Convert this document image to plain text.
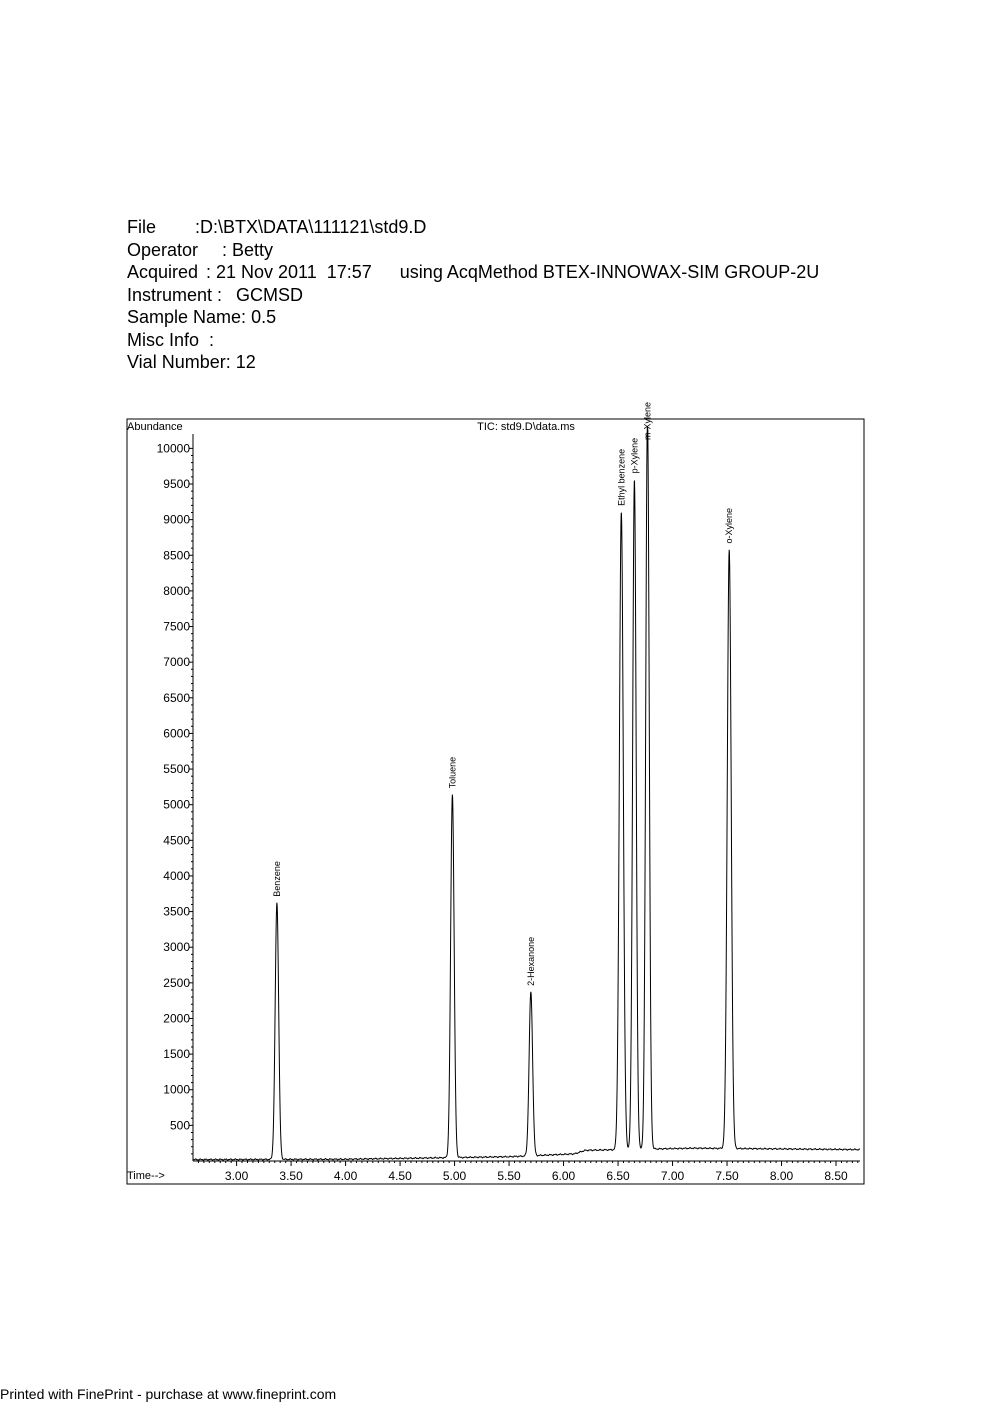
File :D:\BTX\DATA\111121\std9.D
Operator : Betty
Acquired : 21 Nov 2011  17:57 using AcqMethod BTEX-INNOWAX-SIM GROUP-2U
Instrument : GCMSD
Sample Name: 0.5
Misc Info  :
Vial Number: 12
Abundance	TIC: std9.D\data.ms
Time-->
500
1000
1500
2000
2500
3000
3500
4000
4500
5000
5500
6000
6500
7000
7500
8000
8500
9000
9500
10000
3.00	3.50	4.00	4.50	5.00	5.50	6.00	6.50	7.00	7.50	8.00	8.50
Benzene
Toluene
2-Hexanone
Ethyl benzene p-Xylene
m-Xylene
o-Xylene
Printed with FinePrint - purchase at www.fineprint.com
